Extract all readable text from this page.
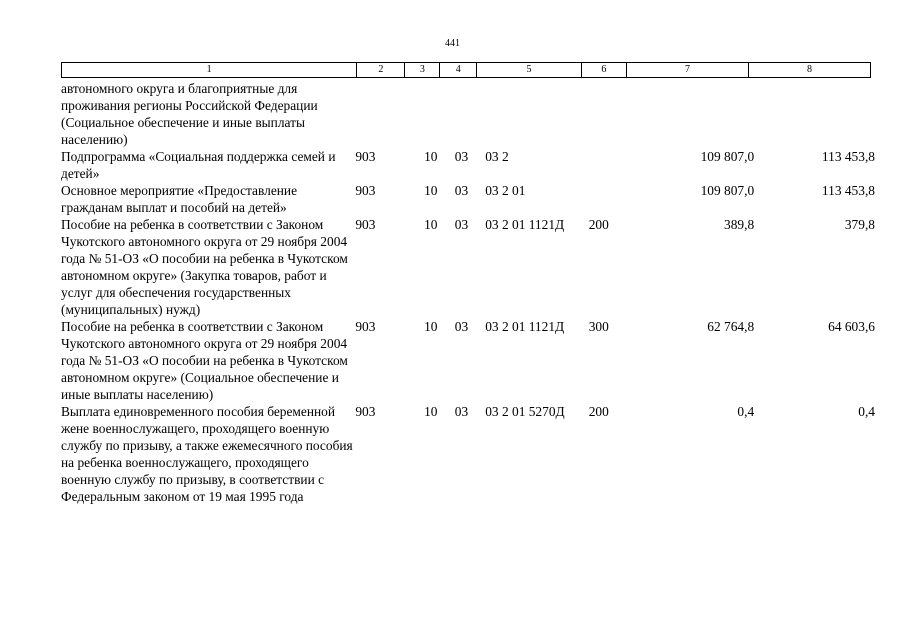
441
1	2	3	4	5	6	7	8
автономного округа и благоприятные для проживания регионы Российской Федерации (Социальное обеспечение и иные выплаты населению)							
Подпрограмма «Социальная поддержка семей и детей»	903	10	03	03 2		109 807,0	113 453,8
Основное мероприятие «Предоставление гражданам выплат и пособий на детей»	903	10	03	03 2 01		109 807,0	113 453,8
Пособие на ребенка в соответствии с Законом Чукотского автономного округа от 29 ноября 2004 года № 51-ОЗ «О пособии на ребенка в Чукотском автономном округе» (Закупка товаров, работ и услуг для обеспечения государственных (муниципальных) нужд)	903	10	03	03 2 01 1121Д	200	389,8	379,8
Пособие на ребенка в соответствии с Законом Чукотского автономного округа от 29 ноября 2004 года № 51-ОЗ «О пособии на ребенка в Чукотском автономном округе» (Социальное обеспечение и иные выплаты населению)	903	10	03	03 2 01 1121Д	300	62 764,8	64 603,6
Выплата единовременного пособия беременной жене военнослужащего, проходящего военную службу по призыву, а также ежемесячного пособия на ребенка военнослужащего, проходящего военную службу по призыву, в соответствии с Федеральным законом от 19 мая 1995 года	903	10	03	03 2 01 5270Д	200	0,4	0,4
